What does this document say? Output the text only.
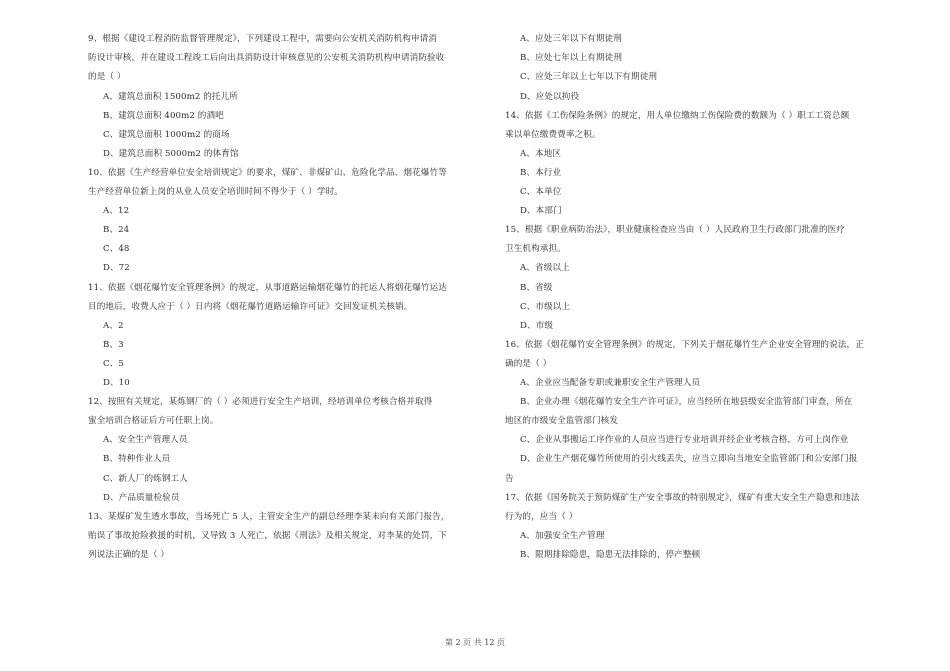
9、根据《建设工程消防监督管理规定》，下列建设工程中，需要向公安机关消防机构申请消
防设计审核，并在建设工程竣工后向出具消防设计审核意见的公安机关消防机构申请消防验收
的是（ ）
A、建筑总面积 1500m2 的托儿所
B、建筑总面积 400m2 的酒吧
C、建筑总面积 1000m2 的商场
D、建筑总面积 5000m2 的体育馆
10、依据《生产经营单位安全培训规定》的要求，煤矿、非煤矿山、危险化学品、烟花爆竹等
生产经营单位新上岗的从业人员安全培训时间不得少于（ ）学时。
A、12
B、24
C、48
D、72
11、依据《烟花爆竹安全管理条例》的规定，从事道路运输烟花爆竹的托运人将烟花爆竹运达
目的地后，收费人应于（ ）日内将《烟花爆竹道路运输许可证》交回发证机关核销。
A、2
B、3
C、5
D、10
12、按照有关规定，某炼钢厂的（ ）必须进行安全生产培训，经培训单位考核合格并取得
蜜全培训合格证后方可任职上岗。
A、安全生产管理人员
B、特种作业人员
C、新人厂的炼钢工人
D、产品质量检验员
13、某煤矿发生透水事故，当场死亡 5 人，主管安全生产的副总经理李某未向有关部门报告，
贻误了事故抢险救援的时机，又导致 3 人死亡，依据《刑法》及相关规定，对李某的处罚，下
列说法正确的是（ ）
A、应处三年以下有期徒刑
B、应处七年以上有期徒刑
C、应处三年以上七年以下有期徒刑
D、应处以拘役
14、依据《工伤保险条例》的规定，用人单位缴纳工伤保险费的数额为（ ）职工工资总额
乘以单位缴费费率之积。
A、本地区
B、本行业
C、本单位
D、本部门
15、根据《职业病防治法》，职业健康检查应当由（ ）人民政府卫生行政部门批准的医疗
卫生机构承担。
A、省级以上
B、省级
C、市级以上
D、市级
16、依据《烟花爆竹安全管理条例》的规定，下列关于烟花爆竹生产企业安全管理的说法，正
确的是（ ）
A、企业应当配备专职或兼职安全生产管理人员
B、企业办理《烟花爆竹安全生产许可证》，应当经所在地县级安全监管部门审查，所在
地区的市级安全监管部门核发
C、企业从事搬运工序作业的人员应当进行专业培训并经企业考核合格，方可上岗作业
D、企业生产烟花爆竹所使用的引火线丢失，应当立即向当地安全监管部门和公安部门报
告
17、依据《国务院关于预防煤矿生产安全事故的特别规定》，煤矿有重大安全生产隐患和违法
行为的，应当（ ）
A、加强安全生产管理
B、限期排除隐患，隐患无法排除的，停产整顿
第 2 页 共 12 页
